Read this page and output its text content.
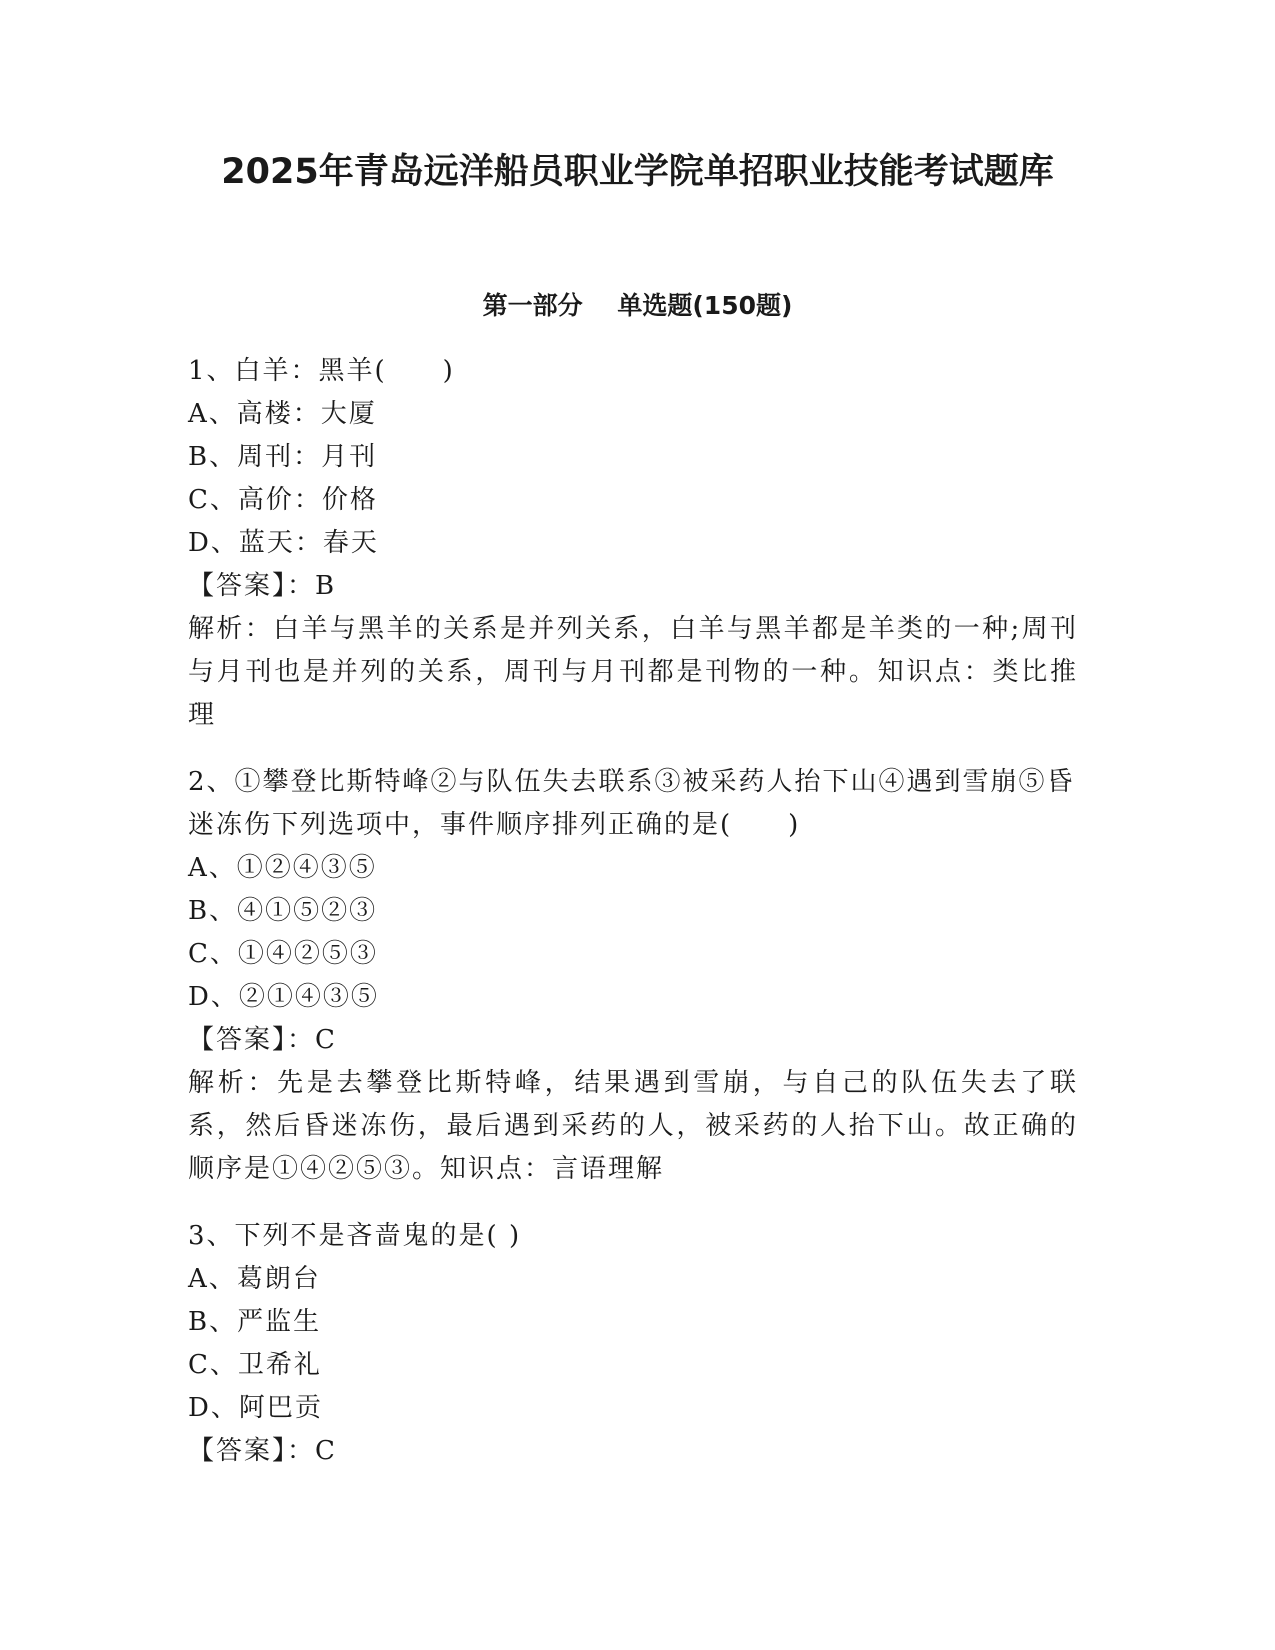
2025年青岛远洋船员职业学院单招职业技能考试题库
第一部分    单选题(150题)
1、白羊：黑羊(　　)
A、高楼：大厦
B、周刊：月刊
C、高价：价格
D、蓝天：春天
【答案】：B
解析：白羊与黑羊的关系是并列关系，白羊与黑羊都是羊类的一种;周刊与月刊也是并列的关系，周刊与月刊都是刊物的一种。知识点：类比推理
2、①攀登比斯特峰②与队伍失去联系③被采药人抬下山④遇到雪崩⑤昏迷冻伤下列选项中，事件顺序排列正确的是(　　)
A、①②④③⑤
B、④①⑤②③
C、①④②⑤③
D、②①④③⑤
【答案】：C
解析：先是去攀登比斯特峰，结果遇到雪崩，与自己的队伍失去了联系，然后昏迷冻伤，最后遇到采药的人，被采药的人抬下山。故正确的顺序是①④②⑤③。知识点：言语理解
3、下列不是吝啬鬼的是( )
A、葛朗台
B、严监生
C、卫希礼
D、阿巴贡
【答案】：C
